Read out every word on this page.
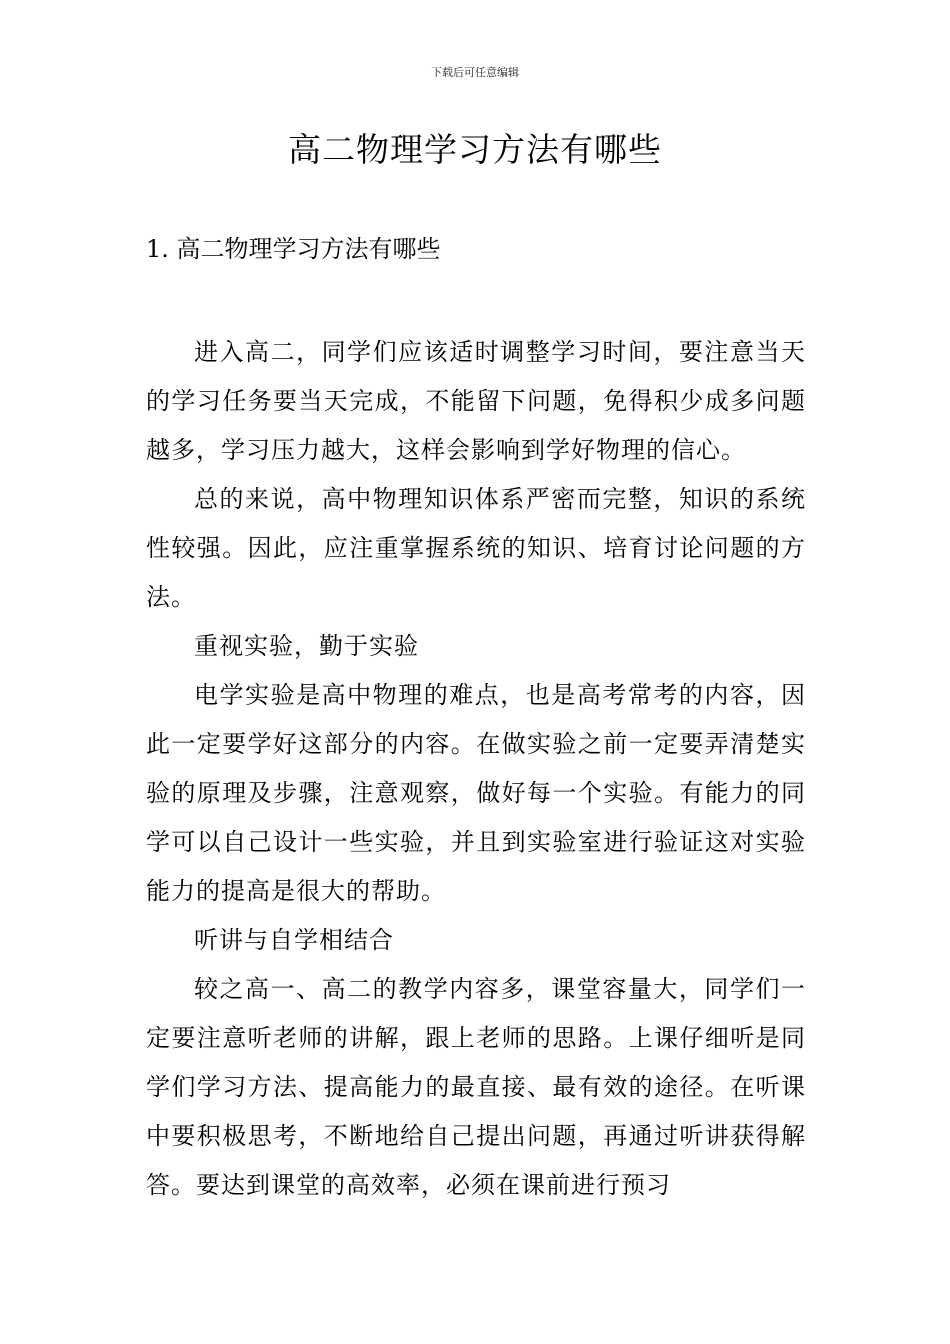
下载后可任意编辑
高二物理学习方法有哪些
1. 高二物理学习方法有哪些

进入高二，同学们应该适时调整学习时间，要注意当天的学习任务要当天完成，不能留下问题，免得积少成多问题越多，学习压力越大，这样会影响到学好物理的信心。

总的来说，高中物理知识体系严密而完整，知识的系统性较强。因此，应注重掌握系统的知识、培育讨论问题的方法。

重视实验，勤于实验

电学实验是高中物理的难点，也是高考常考的内容，因此一定要学好这部分的内容。在做实验之前一定要弄清楚实验的原理及步骤，注意观察，做好每一个实验。有能力的同学可以自己设计一些实验，并且到实验室进行验证这对实验能力的提高是很大的帮助。

听讲与自学相结合

较之高一、高二的教学内容多，课堂容量大，同学们一定要注意听老师的讲解，跟上老师的思路。上课仔细听是同学们学习方法、提高能力的最直接、最有效的途径。在听课中要积极思考，不断地给自己提出问题，再通过听讲获得解答。要达到课堂的高效率，必须在课前进行预习
